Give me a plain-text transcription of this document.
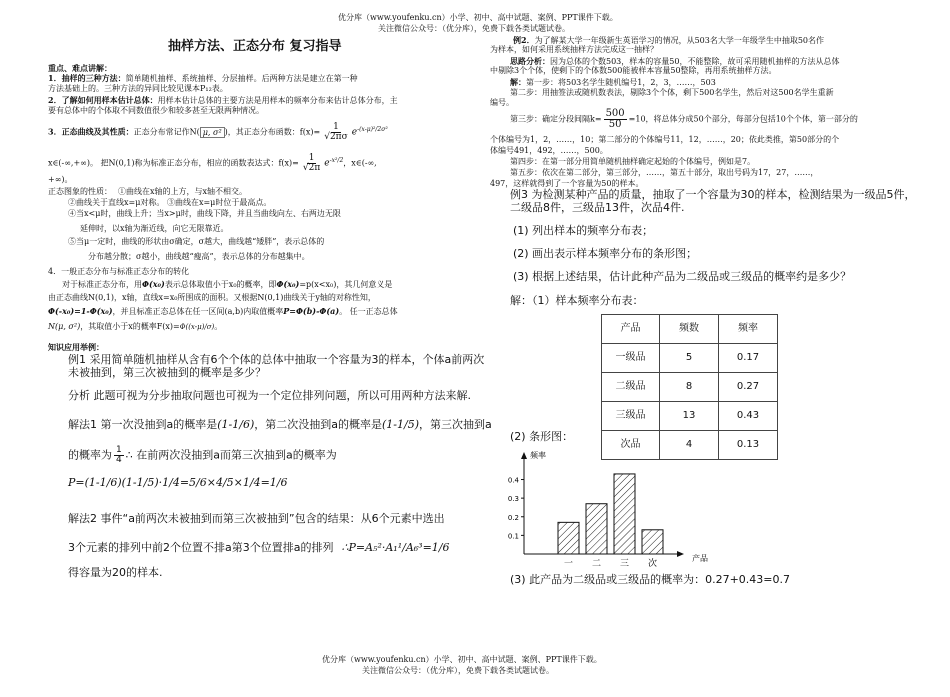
优分库（www.youfenku.cn）小学、初中、高中试题、案例、PPT课件下载。
关注微信公众号：（优分库），免费下载各类试题试卷。
抽样方法、正态分布 复习指导
重点、难点讲解：
1．抽样的三种方法：简单随机抽样、系统抽样、分层抽样。后两种方法是建立在第一种
方法基础上的。三种方法的异同比较见课本P₁₂表。
2．了解如何用样本估计总体：用样本估计总体的主要方法是用样本的频率分布来估计总体分布，主
要有总体中的个体取不同数值很少和较多甚至无限两种情况。
3．正态曲线及其性质：正态分布常记作N( μ, σ² )，其正态分布函数：$f(x)= \frac{1}{√2\pi\sigma} e^{-(x-\mu)^2/2\sigma^2}$
x∈(-∞,+∞)。 把N(0,1)称为标准正态分布，相应的函数表达式：$f(x)= \frac{1}{√2\pi} e^{-x^2/2}$，x∈(-∞,
+∞)。
正态图象的性质： ①曲线在x轴的上方，与x轴不相交。
②曲线关于直线x=μ对称。 ③曲线在x=μ时位于最高点。
④当x<μ时，曲线上升；当x>μ时，曲线下降，并且当曲线向左、右两边无限
延伸时，以x轴为渐近线，向它无限靠近。
⑤当μ一定时，曲线的形状由σ确定，σ越大，曲线越“矮胖”，表示总体的
分布越分散；σ越小，曲线越“瘦高”，表示总体的分布越集中。
4．一般正态分布与标准正态分布的转化
对于标准正态分布，用Φ(x₀)表示总体取值小于x₀的概率，即Φ(x₀)=p(x<x₀)，其几何意义是
由正态曲线N(0,1)，x轴，直线x=x₀所围成的面积。又根据N(0,1)曲线关于y轴的对称性知，
Φ(-x₀)=1-Φ(x₀)，并且标准正态总体在任一区间(a,b)内取值概率P=Φ(b)-Φ(a)。 任一正态总体
N(μ, σ²)，其取值小于x的概率F(x)=Φ((x-μ)/σ)。
知识应用举例：
例1 采用简单随机抽样从含有6个个体的总体中抽取一个容量为3的样本，个体a前两次
未被抽到，第三次被抽到的概率是多少？
分析 此题可视为分步抽取问题也可视为一个定位排列问题，所以可用两种方法来解.
解法1 第一次没抽到a的概率是(1-1/6)，第二次没抽到a的概率是(1-1/5)，第三次抽到a
的概率为 $\frac{1}{4}$ ∴ 在前两次没抽到a而第三次抽到a的概率为
P=(1-1/6)(1-1/5)·1/4=5/6×4/5×1/4=1/6
解法2 事件“a前两次未被抽到而第三次被抽到”包含的结果：从6个元素中选出
3个元素的排列中前2个位置不排a第3个位置排a的排列 ∴P=A₅²·A₁¹/A₆³=1/6
得容量为20的样本.
例2．为了解某大学一年级新生英语学习的情况，从503名大学一年级学生中抽取50名作
为样本，如何采用系统抽样方法完成这一抽样？
思路分析：因为总体的个数503，样本的容量50，不能整除，故可采用随机抽样的方法从总体
中剔除3个个体，使剩下的个体数500能被样本容量50整除，再用系统抽样方法。
解：第一步：将503名学生随机编号1，2，3，……，503
第二步：用抽签法或随机数表法，剔除3个个体，剩下500名学生，然后对这500名学生重新
编号。
第三步：确定分段间隔$k= \frac{500}{50} =10$，将总体分成50个部分，每部分包括10个个体，第一部分的
个体编号为1，2，……，10；第二部分的个体编号11，12，……，20；依此类推，第50部分的个
体编号491，492，……，500。
第四步：在第一部分用简单随机抽样确定起始的个体编号，例如是7。
第五步：依次在第二部分，第三部分，……，第五十部分，取出号码为17，27，……，
497，这样就得到了一个容量为50的样本。
例3 为检测某种产品的质量，抽取了一个容量为30的样本，检测结果为一级品5件，
二级品8件，三级品13件，次品4件.
(1) 列出样本的频率分布表；
(2) 画出表示样本频率分布的条形图；
(3) 根据上述结果，估计此种产品为二级品或三级品的概率约是多少？
解：（1）样本频率分布表：
产品	频数	频率
一级品	5	0.17
二级品	8	0.27
三级品	13	0.43
次品	4	0.13
(2) 条形图：
频率
产品
0.4
0.3
0.2
0.1
一 二 三 次
(3) 此产品为二级品或三级品的概率为：0.27+0.43=0.7
优分库（www.youfenku.cn）小学、初中、高中试题、案例、PPT课件下载。
关注微信公众号：（优分库），免费下载各类试题试卷。
